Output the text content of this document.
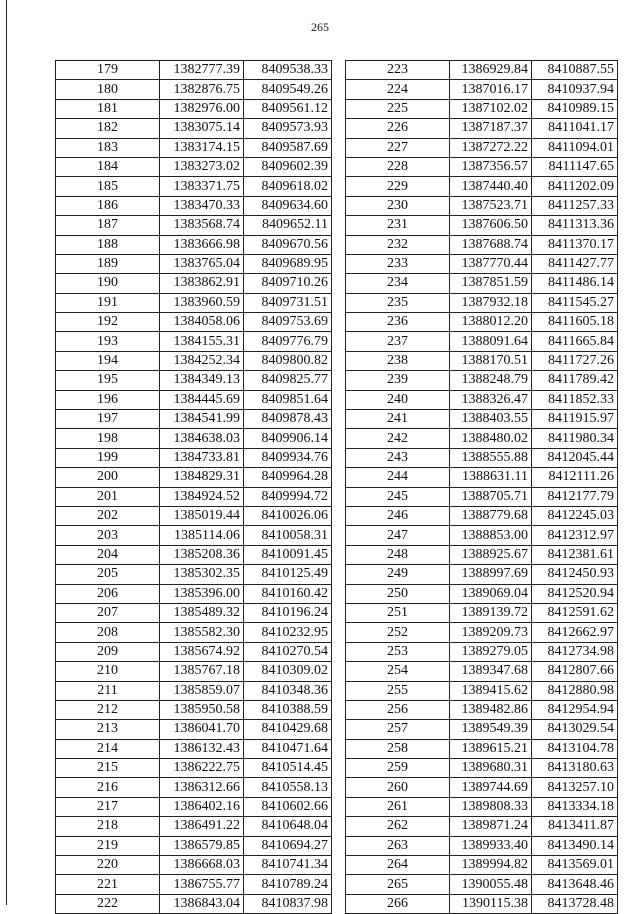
265
179	1382777.39	8409538.33
180	1382876.75	8409549.26
181	1382976.00	8409561.12
182	1383075.14	8409573.93
183	1383174.15	8409587.69
184	1383273.02	8409602.39
185	1383371.75	8409618.02
186	1383470.33	8409634.60
187	1383568.74	8409652.11
188	1383666.98	8409670.56
189	1383765.04	8409689.95
190	1383862.91	8409710.26
191	1383960.59	8409731.51
192	1384058.06	8409753.69
193	1384155.31	8409776.79
194	1384252.34	8409800.82
195	1384349.13	8409825.77
196	1384445.69	8409851.64
197	1384541.99	8409878.43
198	1384638.03	8409906.14
199	1384733.81	8409934.76
200	1384829.31	8409964.28
201	1384924.52	8409994.72
202	1385019.44	8410026.06
203	1385114.06	8410058.31
204	1385208.36	8410091.45
205	1385302.35	8410125.49
206	1385396.00	8410160.42
207	1385489.32	8410196.24
208	1385582.30	8410232.95
209	1385674.92	8410270.54
210	1385767.18	8410309.02
211	1385859.07	8410348.36
212	1385950.58	8410388.59
213	1386041.70	8410429.68
214	1386132.43	8410471.64
215	1386222.75	8410514.45
216	1386312.66	8410558.13
217	1386402.16	8410602.66
218	1386491.22	8410648.04
219	1386579.85	8410694.27
220	1386668.03	8410741.34
221	1386755.77	8410789.24
222	1386843.04	8410837.98
223	1386929.84	8410887.55
224	1387016.17	8410937.94
225	1387102.02	8410989.15
226	1387187.37	8411041.17
227	1387272.22	8411094.01
228	1387356.57	8411147.65
229	1387440.40	8411202.09
230	1387523.71	8411257.33
231	1387606.50	8411313.36
232	1387688.74	8411370.17
233	1387770.44	8411427.77
234	1387851.59	8411486.14
235	1387932.18	8411545.27
236	1388012.20	8411605.18
237	1388091.64	8411665.84
238	1388170.51	8411727.26
239	1388248.79	8411789.42
240	1388326.47	8411852.33
241	1388403.55	8411915.97
242	1388480.02	8411980.34
243	1388555.88	8412045.44
244	1388631.11	8412111.26
245	1388705.71	8412177.79
246	1388779.68	8412245.03
247	1388853.00	8412312.97
248	1388925.67	8412381.61
249	1388997.69	8412450.93
250	1389069.04	8412520.94
251	1389139.72	8412591.62
252	1389209.73	8412662.97
253	1389279.05	8412734.98
254	1389347.68	8412807.66
255	1389415.62	8412880.98
256	1389482.86	8412954.94
257	1389549.39	8413029.54
258	1389615.21	8413104.78
259	1389680.31	8413180.63
260	1389744.69	8413257.10
261	1389808.33	8413334.18
262	1389871.24	8413411.87
263	1389933.40	8413490.14
264	1389994.82	8413569.01
265	1390055.48	8413648.46
266	1390115.38	8413728.48
